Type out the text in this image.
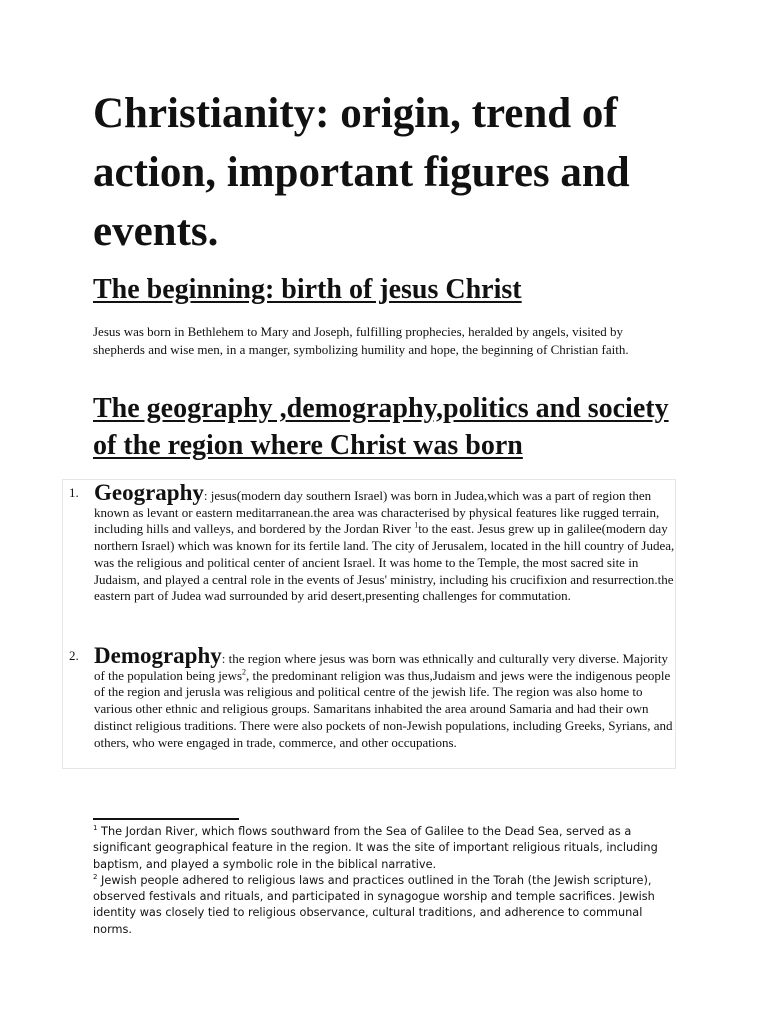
Christianity: origin, trend of action, important figures and events.
The beginning: birth of jesus Christ

Jesus was born in Bethlehem to Mary and Joseph, fulfilling prophecies, heralded by angels, visited by shepherds and wise men, in a manger, symbolizing humility and hope, the beginning of Christian faith.

The geography ,demography,politics and society of the region where Christ was born

1. Geography: jesus(modern day southern Israel) was born in Judea,which was a part of region then known as levant or eastern meditarranean.the area was characterised by physical features like rugged terrain, including hills and valleys, and bordered by the Jordan River $^1$to the east. Jesus grew up in galilee(modern day northern Israel) which was known for its fertile land. The city of Jerusalem, located in the hill country of Judea, was the religious and political center of ancient Israel. It was home to the Temple, the most sacred site in Judaism, and played a central role in the events of Jesus' ministry, including his crucifixion and resurrection.the eastern part of Judea wad surrounded by arid desert,presenting challenges for commutation.

2. Demography: the region where jesus was born was ethnically and culturally very diverse. Majority of the population being jews$^2$, the predominant religion was thus,Judaism and jews were the indigenous people of the region and jerusla was religious and political centre of the jewish life. The region was also home to various other ethnic and religious groups. Samaritans inhabited the area around Samaria and had their own distinct religious traditions. There were also pockets of non-Jewish populations, including Greeks, Syrians, and others, who were engaged in trade, commerce, and other occupations.

$^1$ The Jordan River, which flows southward from the Sea of Galilee to the Dead Sea, served as a significant geographical feature in the region. It was the site of important religious rituals, including baptism, and played a symbolic role in the biblical narrative.

$^2$ Jewish people adhered to religious laws and practices outlined in the Torah (the Jewish scripture), observed festivals and rituals, and participated in synagogue worship and temple sacrifices. Jewish identity was closely tied to religious observance, cultural traditions, and adherence to communal norms.
